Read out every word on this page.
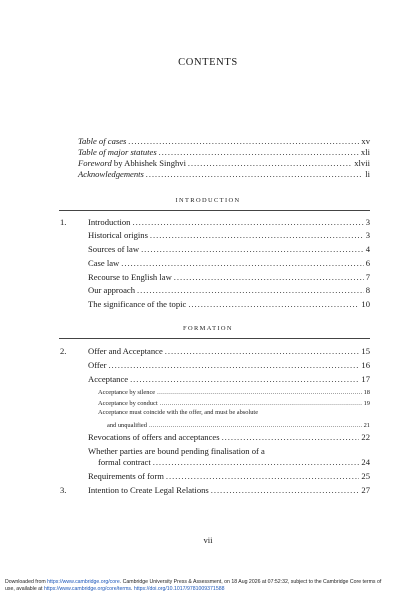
CONTENTS
Table of cases . . .	xv
Table of major statutes . . .	xli
Foreword by Abhishek Singhvi . . .	xlvii
Acknowledgements . . .	li
INTRODUCTION
1.	Introduction . . .	3
Historical origins . . .	3
Sources of law . . .	4
Case law . . .	6
Recourse to English law . . .	7
Our approach . . .	8
The significance of the topic . . .	10
FORMATION
2.	Offer and Acceptance . . .	15
Offer . . .	16
Acceptance . . .	17
Acceptance by silence . . .	18
Acceptance by conduct . . .	19
Acceptance must coincide with the offer, and must be absolute
and unqualified . . .	21
Revocations of offers and acceptances . . .	22
Whether parties are bound pending finalisation of a
formal contract . . .	24
Requirements of form . . .	25
3.	Intention to Create Legal Relations . . .	27
vii
Downloaded from https://www.cambridge.org/core. Cambridge University Press & Assessment, on 18 Aug 2026 at 07:52:32, subject to the Cambridge Core terms of
use, available at https://www.cambridge.org/core/terms. https://doi.org/10.1017/9781009371588
